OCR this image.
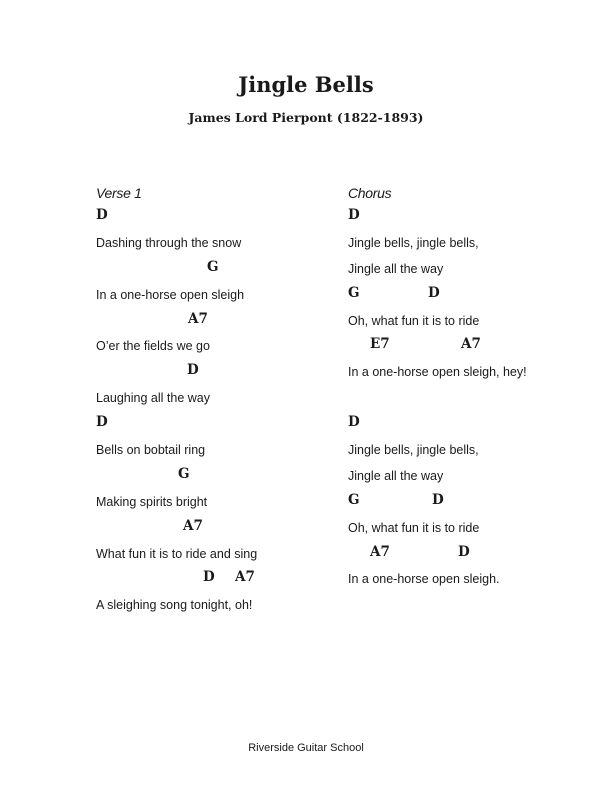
Jingle Bells
James Lord Pierpont (1822-1893)
Verse 1
D
Dashing through the snow
G
In a one-horse open sleigh
A7
O’er the fields we go
D
Laughing all the way
D
Bells on bobtail ring
G
Making spirits bright
A7
What fun it is to ride and sing
D A7
A sleighing song tonight, oh!
Chorus
D
Jingle bells, jingle bells,
Jingle all the way
G	D
Oh, what fun it is to ride
E7	A7
In a one-horse open sleigh, hey!
D
Jingle bells, jingle bells,
Jingle all the way
G	D
Oh, what fun it is to ride
A7	D
In a one-horse open sleigh.
Riverside Guitar School
